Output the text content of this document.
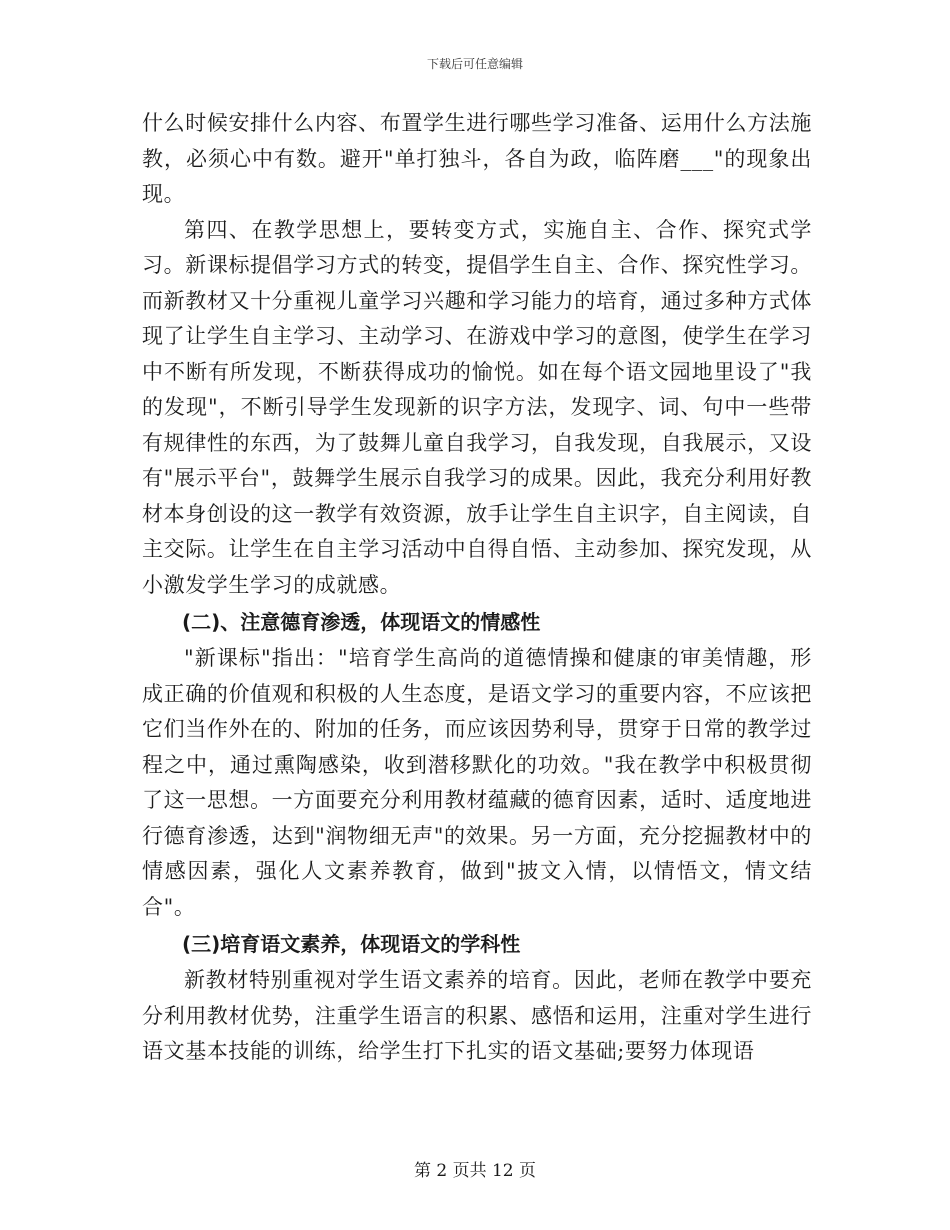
下载后可任意编辑

什么时候安排什么内容、布置学生进行哪些学习准备、运用什么方法施教，必须心中有数。避开"单打独斗，各自为政，临阵磨___"的现象出现。

第四、在教学思想上，要转变方式，实施自主、合作、探究式学习。新课标提倡学习方式的转变，提倡学生自主、合作、探究性学习。而新教材又十分重视儿童学习兴趣和学习能力的培育，通过多种方式体现了让学生自主学习、主动学习、在游戏中学习的意图，使学生在学习中不断有所发现，不断获得成功的愉悦。如在每个语文园地里设了"我的发现"，不断引导学生发现新的识字方法，发现字、词、句中一些带有规律性的东西，为了鼓舞儿童自我学习，自我发现，自我展示，又设有"展示平台"，鼓舞学生展示自我学习的成果。因此，我充分利用好教材本身创设的这一教学有效资源，放手让学生自主识字，自主阅读，自主交际。让学生在自主学习活动中自得自悟、主动参加、探究发现，从小激发学生学习的成就感。

(二)、注意德育渗透，体现语文的情感性

"新课标"指出："培育学生高尚的道德情操和健康的审美情趣，形成正确的价值观和积极的人生态度，是语文学习的重要内容，不应该把它们当作外在的、附加的任务，而应该因势利导，贯穿于日常的教学过程之中，通过熏陶感染，收到潜移默化的功效。"我在教学中积极贯彻了这一思想。一方面要充分利用教材蕴藏的德育因素，适时、适度地进行德育渗透，达到"润物细无声"的效果。另一方面，充分挖掘教材中的情感因素，强化人文素养教育，做到"披文入情，以情悟文，情文结合"。

(三)培育语文素养，体现语文的学科性

新教材特别重视对学生语文素养的培育。因此，老师在教学中要充分利用教材优势，注重学生语言的积累、感悟和运用，注重对学生进行语文基本技能的训练，给学生打下扎实的语文基础;要努力体现语

第 2 页共 12 页
